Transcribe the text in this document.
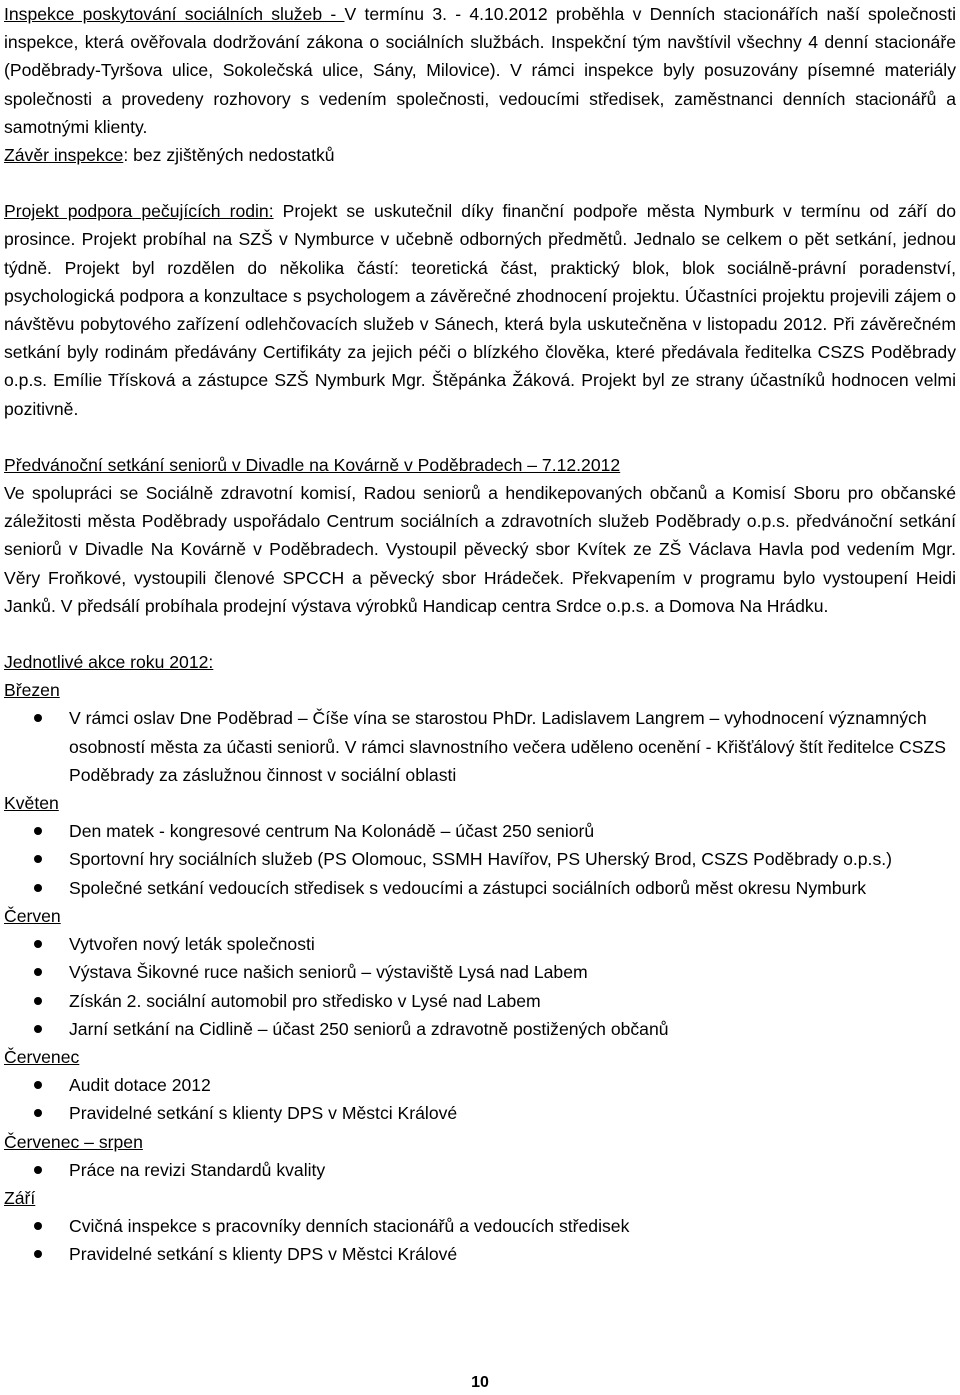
Inspekce poskytování sociálních služeb - V termínu 3. - 4.10.2012 proběhla v Denních stacionářích naší společnosti inspekce, která ověřovala dodržování zákona o sociálních službách. Inspekční tým navštívil všechny 4 denní stacionáře (Poděbrady-Tyršova ulice, Sokolečská ulice, Sány, Milovice). V rámci inspekce byly posuzovány písemné materiály společnosti a provedeny rozhovory s vedením společnosti, vedoucími středisek, zaměstnanci denních stacionářů a samotnými klienty.

Závěr inspekce: bez zjištěných nedostatků

Projekt podpora pečujících rodin: Projekt se uskutečnil díky finanční podpoře města Nymburk v termínu od září do prosince. Projekt probíhal na SZŠ v Nymburce v učebně odborných předmětů. Jednalo se celkem o pět setkání, jednou týdně. Projekt byl rozdělen do několika částí: teoretická část, praktický blok, blok sociálně-právní poradenství, psychologická podpora a konzultace s psychologem a závěrečné zhodnocení projektu. Účastníci projektu projevili zájem o návštěvu pobytového zařízení odlehčovacích služeb v Sánech, která byla uskutečněna v listopadu 2012. Při závěrečném setkání byly rodinám předávány Certifikáty za jejich péči o blízkého člověka, které předávala ředitelka CSZS Poděbrady o.p.s. Emílie Třísková a zástupce SZŠ Nymburk Mgr. Štěpánka Žáková. Projekt byl ze strany účastníků hodnocen velmi pozitivně.

Předvánoční setkání seniorů v Divadle na Kovárně v Poděbradech – 7.12.2012

Ve spolupráci se Sociálně zdravotní komisí, Radou seniorů a hendikepovaných občanů a Komisí Sboru pro občanské záležitosti města Poděbrady uspořádalo Centrum sociálních a zdravotních služeb Poděbrady o.p.s. předvánoční setkání seniorů v Divadle Na Kovárně v Poděbradech. Vystoupil pěvecký sbor Kvítek ze ZŠ Václava Havla pod vedením Mgr. Věry Froňkové, vystoupili členové SPCCH a pěvecký sbor Hrádeček. Překvapením v programu bylo vystoupení Heidi Janků. V předsálí probíhala prodejní výstava výrobků Handicap centra Srdce o.p.s. a Domova Na Hrádku.

Jednotlivé akce roku 2012:

Březen

V rámci oslav Dne Poděbrad – Číše vína se starostou PhDr. Ladislavem Langrem – vyhodnocení významných osobností města za účasti seniorů. V rámci slavnostního večera uděleno ocenění - Křišťálový štít ředitelce CSZS Poděbrady za záslužnou činnost v sociální oblasti

Květen

Den matek - kongresové centrum Na Kolonádě – účast 250 seniorů
Sportovní hry sociálních služeb (PS Olomouc, SSMH Havířov, PS Uherský Brod, CSZS Poděbrady o.p.s.)
Společné setkání vedoucích středisek s vedoucími a zástupci sociálních odborů měst okresu Nymburk

Červen

Vytvořen nový leták společnosti
Výstava Šikovné ruce našich seniorů – výstaviště Lysá nad Labem
Získán 2. sociální automobil pro středisko v Lysé nad Labem
Jarní setkání na Cidlině – účast 250 seniorů a zdravotně postižených občanů

Červenec

Audit dotace 2012
Pravidelné setkání s klienty DPS v Městci Králové

Červenec – srpen

Práce na revizi Standardů kvality

Září

Cvičná inspekce s pracovníky denních stacionářů a vedoucích středisek
Pravidelné setkání s klienty DPS v Městci Králové
10
